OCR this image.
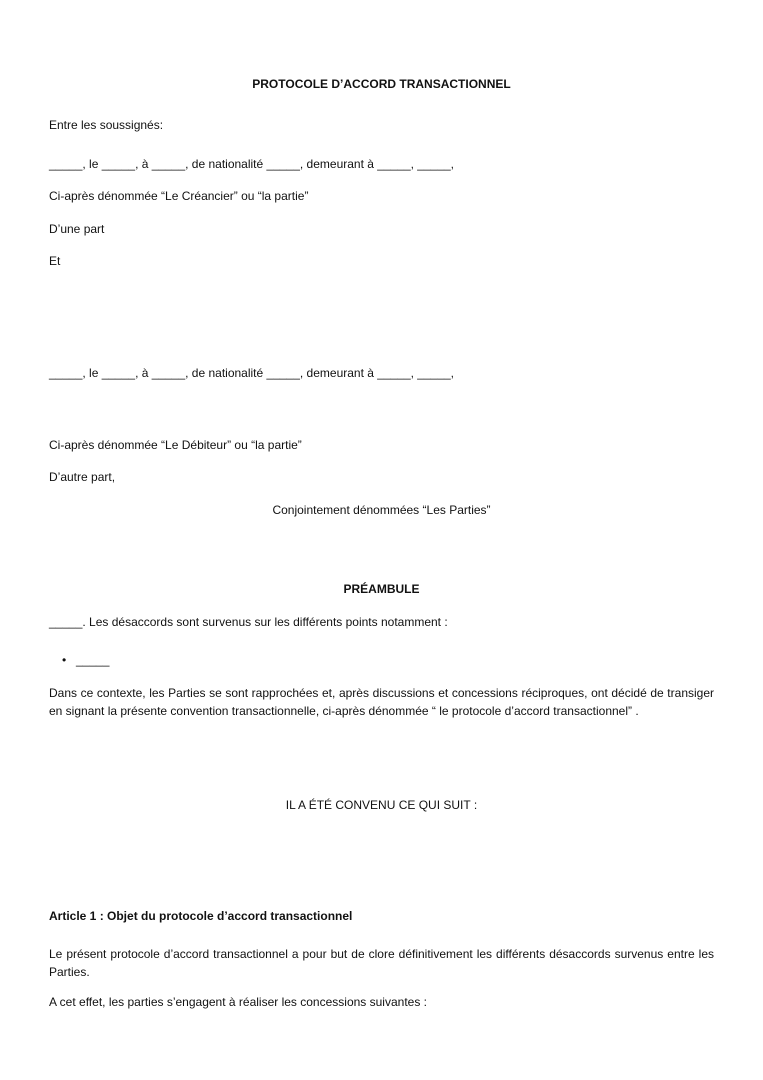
PROTOCOLE D’ACCORD TRANSACTIONNEL

Entre les soussignés:

_____, le _____, à _____, de nationalité _____, demeurant à _____, _____,

Ci-après dénommée “Le Créancier” ou “la partie”

D’une part

Et

_____, le _____, à _____, de nationalité _____, demeurant à _____, _____,

Ci-après dénommée “Le Débiteur” ou “la partie”

D’autre part,

Conjointement dénommées “Les Parties”

PRÉAMBULE

_____. Les désaccords sont survenus sur les différents points notamment :

• _____

Dans ce contexte, les Parties se sont rapprochées et, après discussions et concessions réciproques, ont décidé de transiger en signant la présente convention transactionnelle, ci-après dénommée “ le protocole d’accord transactionnel” .

IL A ÉTÉ CONVENU CE QUI SUIT :

Article 1 : Objet du protocole d’accord transactionnel

Le présent protocole d’accord transactionnel a pour but de clore définitivement les différents désaccords survenus entre les Parties.

A cet effet, les parties s’engagent à réaliser les concessions suivantes :
